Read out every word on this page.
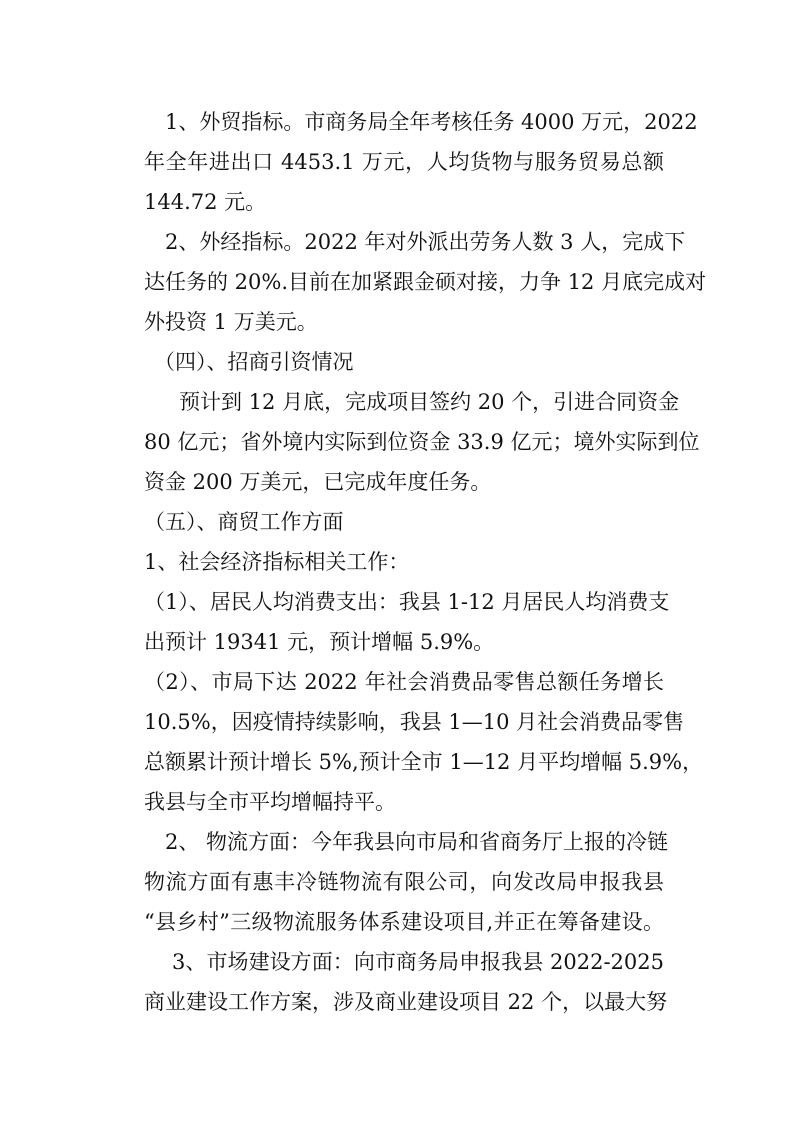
1、外贸指标。市商务局全年考核任务 4000 万元，2022
年全年进出口 4453.1 万元，人均货物与服务贸易总额
144.72 元。
2、外经指标。2022 年对外派出劳务人数 3 人，完成下
达任务的 20%.目前在加紧跟金硕对接，力争 12 月底完成对
外投资 1 万美元。
（四）、招商引资情况
预计到 12 月底，完成项目签约 20 个，引进合同资金
80 亿元；省外境内实际到位资金 33.9 亿元；境外实际到位
资金 200 万美元，已完成年度任务。
（五）、商贸工作方面
1、社会经济指标相关工作：
（1）、居民人均消费支出：我县 1-12 月居民人均消费支
出预计 19341 元，预计增幅 5.9%。
（2）、市局下达 2022 年社会消费品零售总额任务增长
10.5%，因疫情持续影响，我县 1—10 月社会消费品零售
总额累计预计增长 5%,预计全市 1—12 月平均增幅 5.9%，
我县与全市平均增幅持平。
2、 物流方面：今年我县向市局和省商务厅上报的冷链
物流方面有惠丰冷链物流有限公司，向发改局申报我县
“县乡村”三级物流服务体系建设项目,并正在筹备建设。
3、市场建设方面：向市商务局申报我县 2022-2025
商业建设工作方案，涉及商业建设项目 22 个，以最大努
